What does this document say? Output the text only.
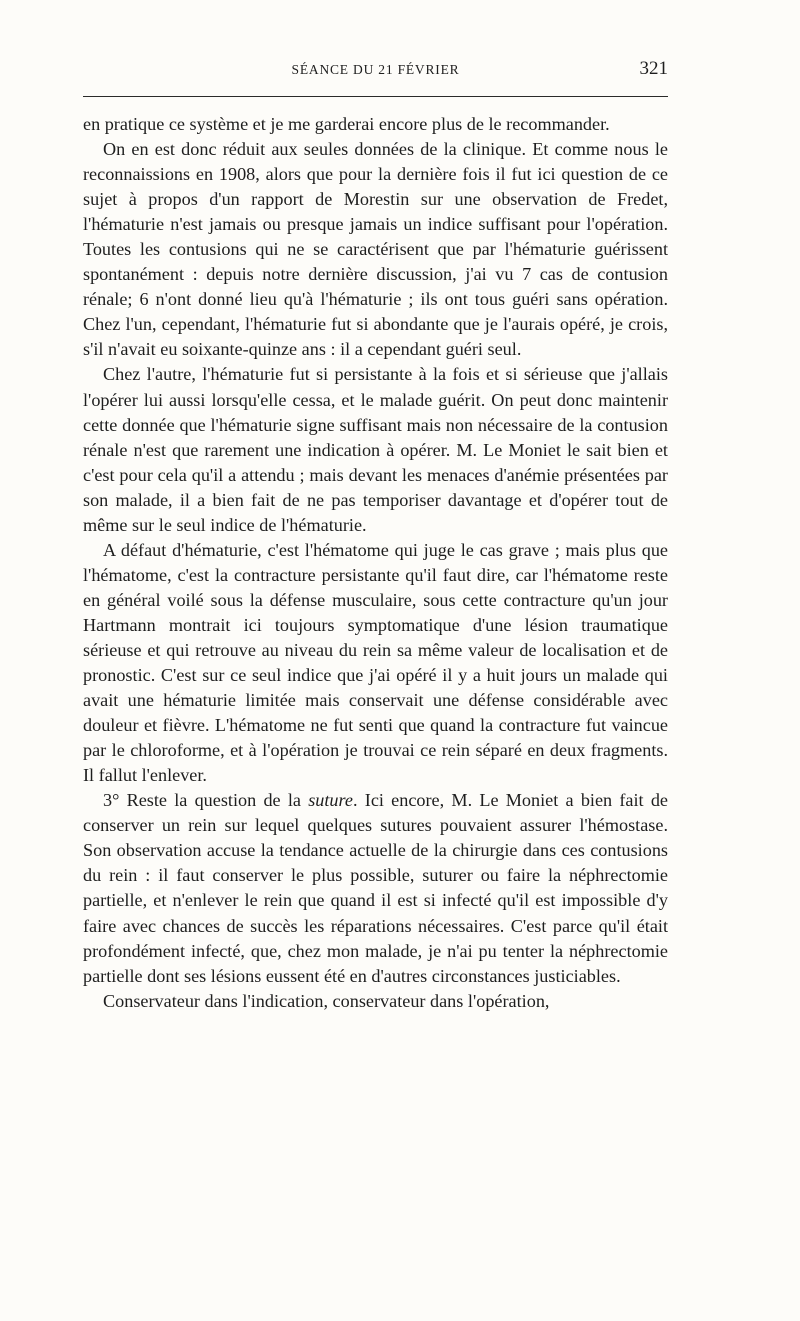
SÉANCE DU 21 FÉVRIER	321

en pratique ce système et je me garderai encore plus de le recommander.

On en est donc réduit aux seules données de la clinique. Et comme nous le reconnaissions en 1908, alors que pour la dernière fois il fut ici question de ce sujet à propos d'un rapport de Morestin sur une observation de Fredet, l'hématurie n'est jamais ou presque jamais un indice suffisant pour l'opération. Toutes les contusions qui ne se caractérisent que par l'hématurie guérissent spontanément : depuis notre dernière discussion, j'ai vu 7 cas de contusion rénale; 6 n'ont donné lieu qu'à l'hématurie ; ils ont tous guéri sans opération. Chez l'un, cependant, l'hématurie fut si abondante que je l'aurais opéré, je crois, s'il n'avait eu soixante-quinze ans : il a cependant guéri seul.

Chez l'autre, l'hématurie fut si persistante à la fois et si sérieuse que j'allais l'opérer lui aussi lorsqu'elle cessa, et le malade guérit. On peut donc maintenir cette donnée que l'hématurie signe suffisant mais non nécessaire de la contusion rénale n'est que rarement une indication à opérer. M. Le Moniet le sait bien et c'est pour cela qu'il a attendu ; mais devant les menaces d'anémie présentées par son malade, il a bien fait de ne pas temporiser davantage et d'opérer tout de même sur le seul indice de l'hématurie.

A défaut d'hématurie, c'est l'hématome qui juge le cas grave ; mais plus que l'hématome, c'est la contracture persistante qu'il faut dire, car l'hématome reste en général voilé sous la défense musculaire, sous cette contracture qu'un jour Hartmann montrait ici toujours symptomatique d'une lésion traumatique sérieuse et qui retrouve au niveau du rein sa même valeur de localisation et de pronostic. C'est sur ce seul indice que j'ai opéré il y a huit jours un malade qui avait une hématurie limitée mais conservait une défense considérable avec douleur et fièvre. L'hématome ne fut senti que quand la contracture fut vaincue par le chloroforme, et à l'opération je trouvai ce rein séparé en deux fragments. Il fallut l'enlever.

3° Reste la question de la suture. Ici encore, M. Le Moniet a bien fait de conserver un rein sur lequel quelques sutures pouvaient assurer l'hémostase. Son observation accuse la tendance actuelle de la chirurgie dans ces contusions du rein : il faut conserver le plus possible, suturer ou faire la néphrectomie partielle, et n'enlever le rein que quand il est si infecté qu'il est impossible d'y faire avec chances de succès les réparations nécessaires. C'est parce qu'il était profondément infecté, que, chez mon malade, je n'ai pu tenter la néphrectomie partielle dont ses lésions eussent été en d'autres circonstances justiciables.

Conservateur dans l'indication, conservateur dans l'opération,
